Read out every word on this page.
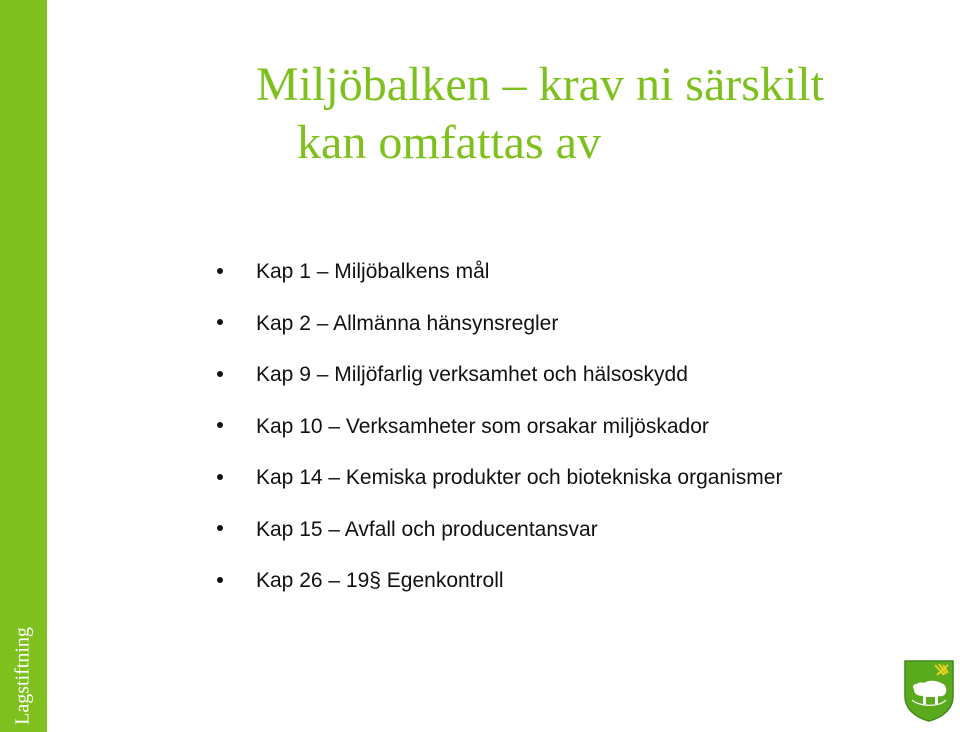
Lagstiftning
Miljöbalken – krav ni särskilt
kan omfattas av
Kap 1 – Miljöbalkens mål
Kap 2 – Allmänna hänsynsregler
Kap 9 – Miljöfarlig verksamhet och hälsoskydd
Kap 10 – Verksamheter som orsakar miljöskador
Kap 14 – Kemiska produkter och biotekniska organismer
Kap 15 – Avfall och producentansvar
Kap 26 – 19§ Egenkontroll
